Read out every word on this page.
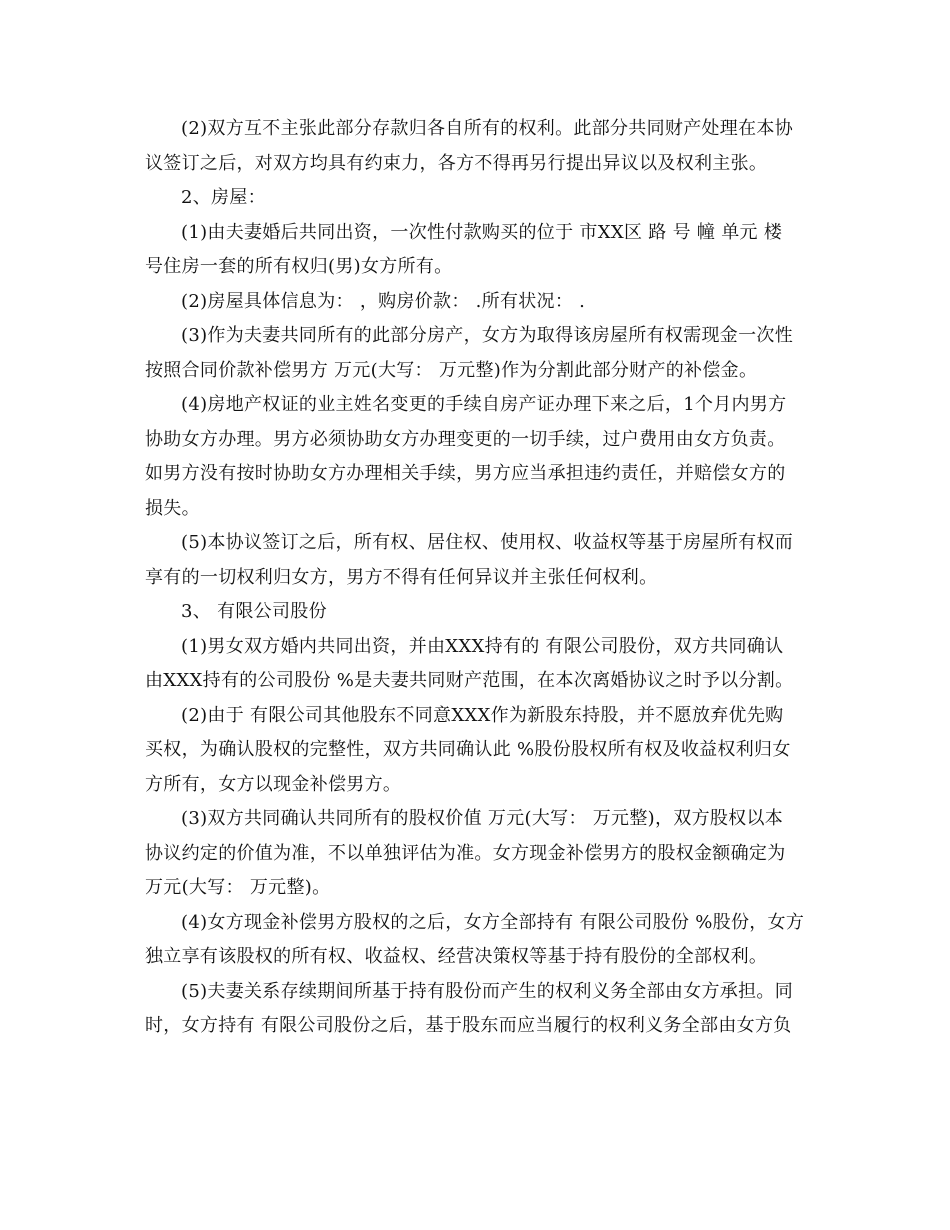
(2)双方互不主张此部分存款归各自所有的权利。此部分共同财产处理在本协
议签订之后，对双方均具有约束力，各方不得再另行提出异议以及权利主张。

2、房屋：

(1)由夫妻婚后共同出资，一次性付款购买的位于 市XX区 路 号 幢 单元 楼
号住房一套的所有权归(男)女方所有。

(2)房屋具体信息为： ，购房价款： .所有状况： .

(3)作为夫妻共同所有的此部分房产，女方为取得该房屋所有权需现金一次性
按照合同价款补偿男方 万元(大写： 万元整)作为分割此部分财产的补偿金。

(4)房地产权证的业主姓名变更的手续自房产证办理下来之后，1个月内男方
协助女方办理。男方必须协助女方办理变更的一切手续，过户费用由女方负责。
如男方没有按时协助女方办理相关手续，男方应当承担违约责任，并赔偿女方的
损失。

(5)本协议签订之后，所有权、居住权、使用权、收益权等基于房屋所有权而
享有的一切权利归女方，男方不得有任何异议并主张任何权利。

3、 有限公司股份

(1)男女双方婚内共同出资，并由XXX持有的 有限公司股份，双方共同确认
由XXX持有的公司股份 %是夫妻共同财产范围，在本次离婚协议之时予以分割。

(2)由于 有限公司其他股东不同意XXX作为新股东持股，并不愿放弃优先购
买权，为确认股权的完整性，双方共同确认此 %股份股权所有权及收益权利归女
方所有，女方以现金补偿男方。

(3)双方共同确认共同所有的股权价值 万元(大写： 万元整)，双方股权以本
协议约定的价值为准，不以单独评估为准。女方现金补偿男方的股权金额确定为
万元(大写： 万元整)。

(4)女方现金补偿男方股权的之后，女方全部持有 有限公司股份 %股份，女方
独立享有该股权的所有权、收益权、经营决策权等基于持有股份的全部权利。

(5)夫妻关系存续期间所基于持有股份而产生的权利义务全部由女方承担。同
时，女方持有 有限公司股份之后，基于股东而应当履行的权利义务全部由女方负
